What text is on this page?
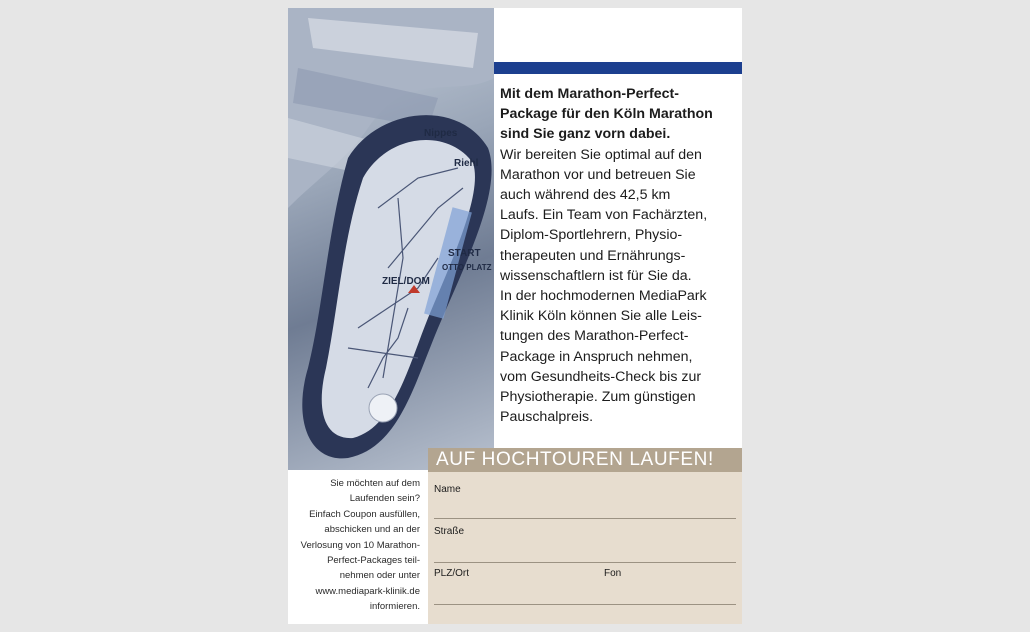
Nippes
Riehl
START
OTTO PLATZ
ZIEL/DOM
Mit dem Marathon-Perfect-
Package für den Köln Marathon
sind Sie ganz vorn dabei.
Wir bereiten Sie optimal auf den
Marathon vor und betreuen Sie
auch während des 42,5 km
Laufs. Ein Team von Fachärzten,
Diplom-Sportlehrern, Physio-
therapeuten und Ernährungs-
wissenschaftlern ist für Sie da.
In der hochmodernen MediaPark
Klinik Köln können Sie alle Leis-
tungen des Marathon-Perfect-
Package in Anspruch nehmen,
vom Gesundheits-Check bis zur
Physiotherapie. Zum günstigen
Pauschalpreis.
AUF HOCHTOUREN LAUFEN!
Name
Straße
PLZ/Ort	Fon
Sie möchten auf dem
Laufenden sein?
Einfach Coupon ausfüllen,
abschicken und an der
Verlosung von 10 Marathon-
Perfect-Packages teil-
nehmen oder unter
www.mediapark-klinik.de
informieren.
